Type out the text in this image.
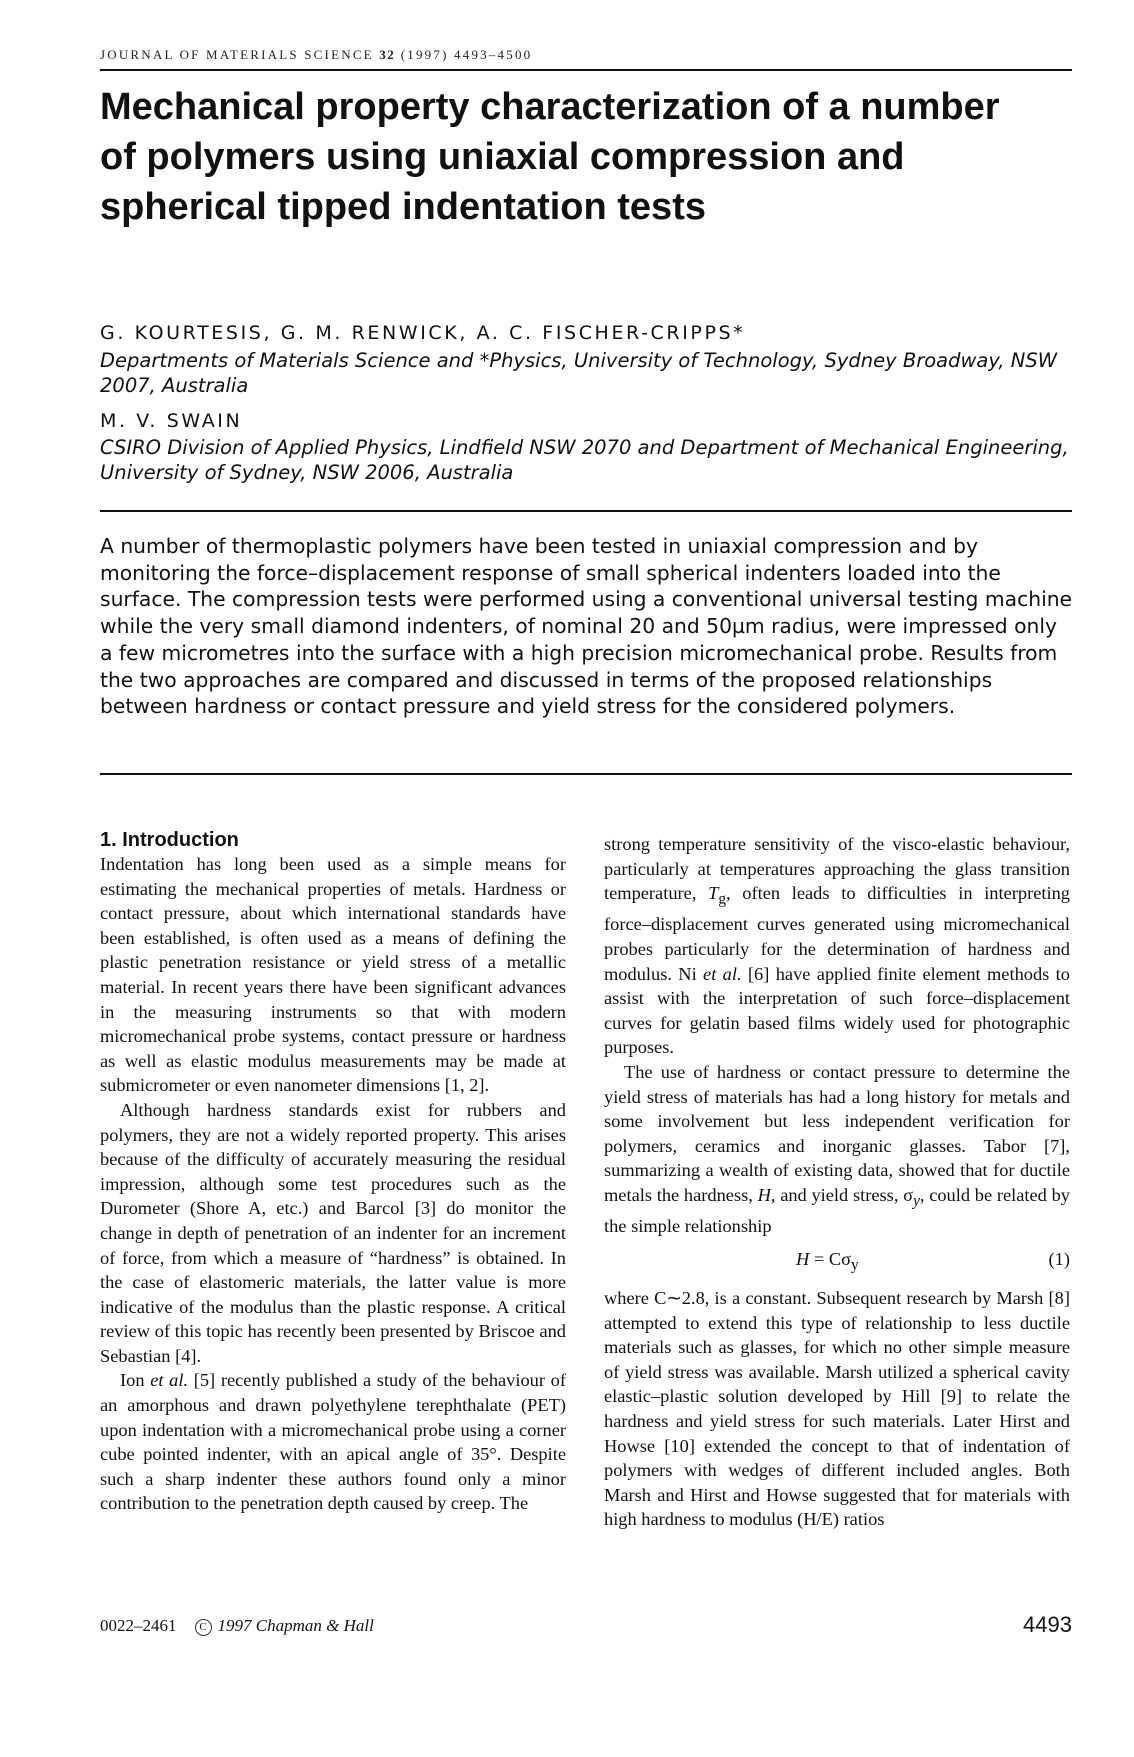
JOURNAL OF MATERIALS SCIENCE 32 (1997) 4493–4500
Mechanical property characterization of a number of polymers using uniaxial compression and spherical tipped indentation tests
G. KOURTESIS, G. M. RENWICK, A. C. FISCHER-CRIPPS*
Departments of Materials Science and *Physics, University of Technology, Sydney Broadway, NSW 2007, Australia
M. V. SWAIN
CSIRO Division of Applied Physics, Lindfield NSW 2070 and Department of Mechanical Engineering, University of Sydney, NSW 2006, Australia

A number of thermoplastic polymers have been tested in uniaxial compression and by monitoring the force–displacement response of small spherical indenters loaded into the surface. The compression tests were performed using a conventional universal testing machine while the very small diamond indenters, of nominal 20 and 50µm radius, were impressed only a few micrometres into the surface with a high precision micromechanical probe. Results from the two approaches are compared and discussed in terms of the proposed relationships between hardness or contact pressure and yield stress for the considered polymers.

1. Introduction

Indentation has long been used as a simple means for estimating the mechanical properties of metals. Hardness or contact pressure, about which international standards have been established, is often used as a means of defining the plastic penetration resistance or yield stress of a metallic material. In recent years there have been significant advances in the measuring instruments so that with modern micromechanical probe systems, contact pressure or hardness as well as elastic modulus measurements may be made at submicrometer or even nanometer dimensions [1, 2].

Although hardness standards exist for rubbers and polymers, they are not a widely reported property. This arises because of the difficulty of accurately measuring the residual impression, although some test procedures such as the Durometer (Shore A, etc.) and Barcol [3] do monitor the change in depth of penetration of an indenter for an increment of force, from which a measure of “hardness” is obtained. In the case of elastomeric materials, the latter value is more indicative of the modulus than the plastic response. A critical review of this topic has recently been presented by Briscoe and Sebastian [4].

Ion et al. [5] recently published a study of the behaviour of an amorphous and drawn polyethylene terephthalate (PET) upon indentation with a micromechanical probe using a corner cube pointed indenter, with an apical angle of 35°. Despite such a sharp indenter these authors found only a minor contribution to the penetration depth caused by creep. The

strong temperature sensitivity of the visco-elastic behaviour, particularly at temperatures approaching the glass transition temperature, $T_g$, often leads to difficulties in interpreting force–displacement curves generated using micromechanical probes particularly for the determination of hardness and modulus. Ni et al. [6] have applied finite element methods to assist with the interpretation of such force–displacement curves for gelatin based films widely used for photographic purposes.

The use of hardness or contact pressure to determine the yield stress of materials has had a long history for metals and some involvement but less independent verification for polymers, ceramics and inorganic glasses. Tabor [7], summarizing a wealth of existing data, showed that for ductile metals the hardness, H, and yield stress, $\sigma_y$, could be related by the simple relationship

$H = C\sigma_y$	(1)

where C∼2.8, is a constant. Subsequent research by Marsh [8] attempted to extend this type of relationship to less ductile materials such as glasses, for which no other simple measure of yield stress was available. Marsh utilized a spherical cavity elastic–plastic solution developed by Hill [9] to relate the hardness and yield stress for such materials. Later Hirst and Howse [10] extended the concept to that of indentation of polymers with wedges of different included angles. Both Marsh and Hirst and Howse suggested that for materials with high hardness to modulus (H/E) ratios

0022–2461 C 1997 Chapman & Hall	4493
